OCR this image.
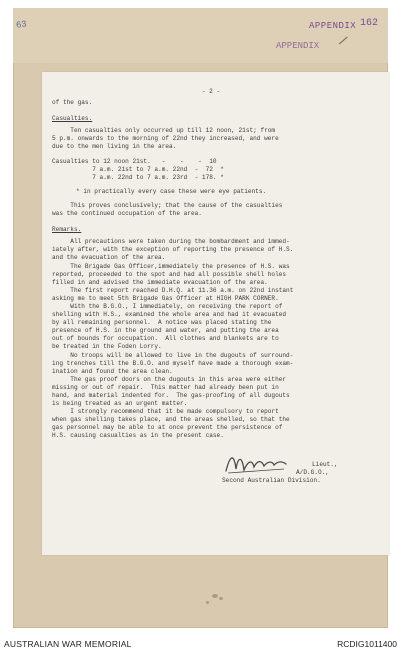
63	APPENDIX 162
APPENDIX /
- 2 -
of the gas.
Casualties.
Ten casualties only occurred up till 12 noon, 21st; from
5 p.m. onwards to the morning of 22nd they increased, and were
due to the men living in the area.
Casualties to 12 noon 21st.   -    -    -  10
7 a.m. 21st to 7 a.m. 22nd  -  72  *
7 a.m. 22nd to 7 a.m. 23rd  - 178. *
* in practically every case these were eye patients.
This proves conclusively; that the cause of the casualties
was the continued occupation of the area.
Remarks.
All precautions were taken during the bombardment and immed-
iately after, with the exception of reporting the presence of H.S.
and the evacuation of the area.
The Brigade Gas Officer,immediately the presence of H.S. was
reported, proceeded to the spot and had all possible shell holes
filled in and advised the immediate evacuation of the area.
The first report reached D.H.Q. at 11.36 a.m. on 22nd instant
asking me to meet 5th Brigade Gas Officer at HIGH PARK CORNER.
With the B.G.O., I immediately, on receiving the report of
shelling with H.S., examined the whole area and had it evacuated
by all remaining personnel.  A notice was placed stating the
presence of H.S. in the ground and water, and putting the area
out of bounds for occupation.  All clothes and blankets are to
be treated in the Foden Lorry.
No troops will be allowed to live in the dugouts of surround-
ing trenches till the B.G.O. and myself have made a thorough exam-
ination and found the area clean.
The gas proof doors on the dugouts in this area were either
missing or out of repair.  This matter had already been put in
hand, and material indented for.  The gas-proofing of all dugouts
is being treated as an urgent matter.
I strongly recommend that it be made compulsory to report
when gas shelling takes place, and the areas shelled, so that the
gas personnel may be able to at once prevent the persistence of
H.S. causing casualties as in the present case.
Lieut.,
A/D.G.O.,
Second Australian Division.
AUSTRALIAN WAR MEMORIAL	RCDIG1011400
